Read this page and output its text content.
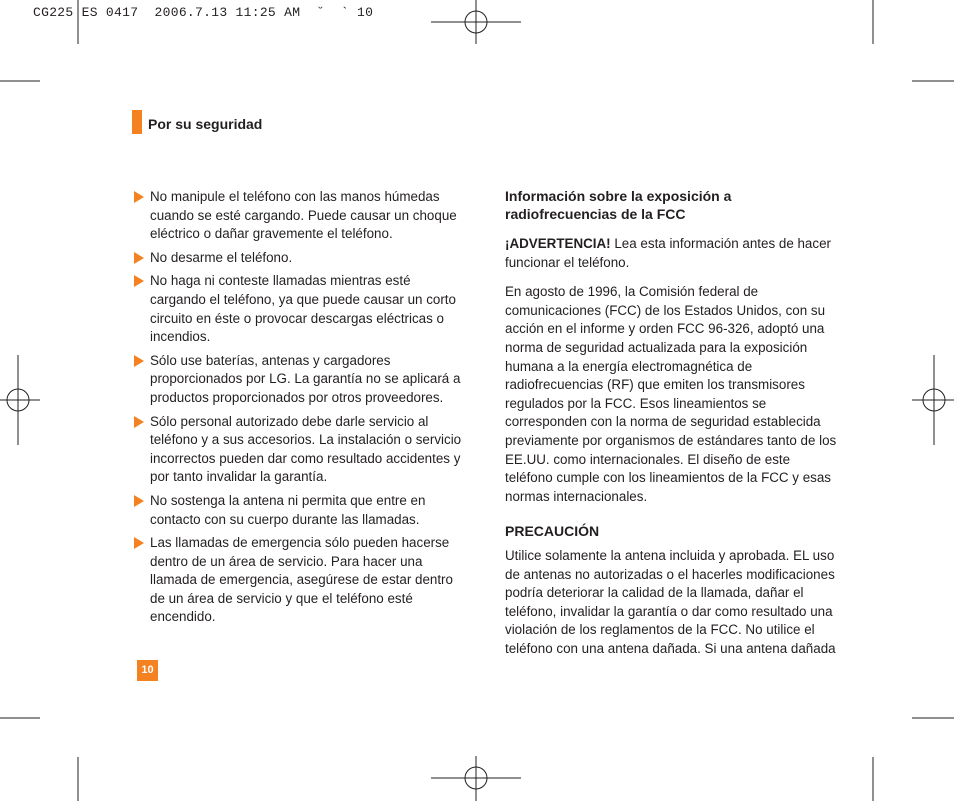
CG225 ES 0417  2006.7.13 11:25 AM  ˘  ` 10
Por su seguridad
No manipule el teléfono con las manos húmedas cuando se esté cargando. Puede causar un choque eléctrico o dañar gravemente el teléfono.
No desarme el teléfono.
No haga ni conteste llamadas mientras esté cargando el teléfono, ya que puede causar un corto circuito en éste o provocar descargas eléctricas o incendios.
Sólo use baterías, antenas y cargadores proporcionados por LG. La garantía no se aplicará a productos proporcionados por otros proveedores.
Sólo personal autorizado debe darle servicio al teléfono y a sus accesorios. La instalación o servicio incorrectos pueden dar como resultado accidentes y por tanto invalidar la garantía.
No sostenga la antena ni permita que entre en contacto con su cuerpo durante las llamadas.
Las llamadas de emergencia sólo pueden hacerse dentro de un área de servicio. Para hacer una llamada de emergencia, asegúrese de estar dentro de un área de servicio y que el teléfono esté encendido.
Información sobre la exposición a radiofrecuencias de la FCC

¡ADVERTENCIA! Lea esta información antes de hacer funcionar el teléfono.

En agosto de 1996, la Comisión federal de comunicaciones (FCC) de los Estados Unidos, con su acción en el informe y orden FCC 96-326, adoptó una norma de seguridad actualizada para la exposición humana a la energía electromagnética de radiofrecuencias (RF) que emiten los transmisores regulados por la FCC. Esos lineamientos se corresponden con la norma de seguridad establecida previamente por organismos de estándares tanto de los EE.UU. como internacionales. El diseño de este teléfono cumple con los lineamientos de la FCC y esas normas internacionales.

PRECAUCIÓN

Utilice solamente la antena incluida y aprobada. EL uso de antenas no autorizadas o el hacerles modificaciones podría deteriorar la calidad de la llamada, dañar el teléfono, invalidar la garantía o dar como resultado una violación de los reglamentos de la FCC. No utilice el teléfono con una antena dañada. Si una antena dañada

10
